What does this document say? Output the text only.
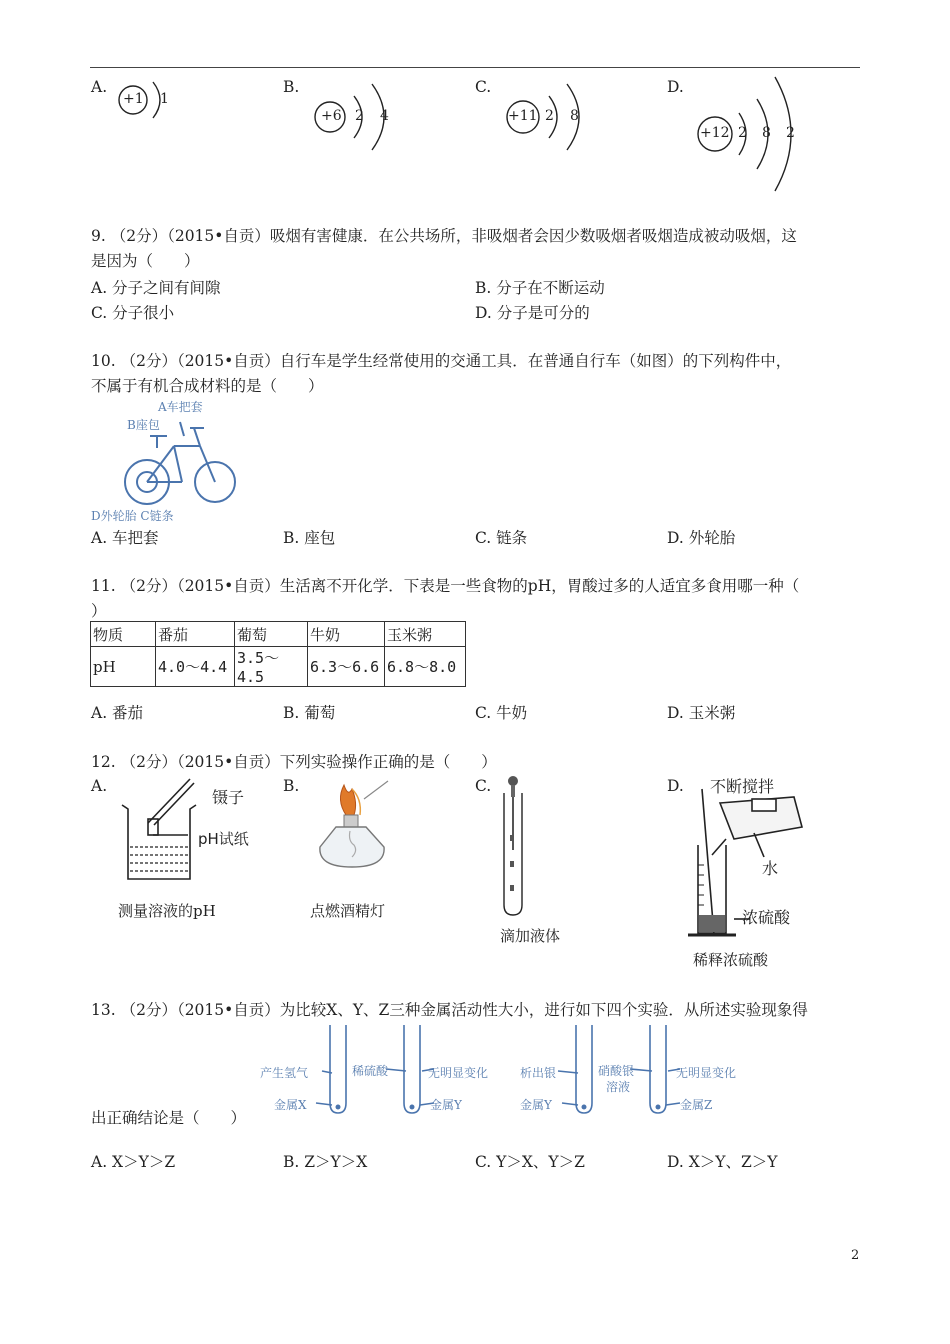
A.
+1 1
B.
+6 2 4
C.
+11 2 8
D.
+12 2 8 2
9. （2分）（2015•自贡）吸烟有害健康．在公共场所，非吸烟者会因少数吸烟者吸烟造成被动吸烟，这
是因为（　　）
A. 分子之间有间隙	B. 分子在不断运动
C. 分子很小	D. 分子是可分的
10. （2分）（2015•自贡）自行车是学生经常使用的交通工具．在普通自行车（如图）的下列构件中，
不属于有机合成材料的是（　　）
A车把套
B座包
D外轮胎 C链条
A. 车把套	B. 座包	C. 链条	D. 外轮胎
11. （2分）（2015•自贡）生活离不开化学．下表是一些食物的pH，胃酸过多的人适宜多食用哪一种（
）
物质	番茄	葡萄	牛奶	玉米粥
pH	4.0～4.4	3.5～4.5	6.3～6.6	6.8～8.0
A. 番茄	B. 葡萄	C. 牛奶	D. 玉米粥
12. （2分）（2015•自贡）下列实验操作正确的是（　　）
A.
镊子
pH试纸
测量溶液的pH
B.
点燃酒精灯
C.
滴加液体
D. 不断搅拌
水
浓硫酸
稀释浓硫酸
13. （2分）（2015•自贡）为比较X、Y、Z三种金属活动性大小，进行如下四个实验．从所述实验现象得
产生氢气
金属X
稀硫酸	无明显变化
金属Y
析出银
金属Y
硝酸银
溶液
无明显变化
金属Z
出正确结论是（　　）
A. X＞Y＞Z	B. Z＞Y＞X	C. Y＞X、Y＞Z	D. X＞Y、Z＞Y
2
